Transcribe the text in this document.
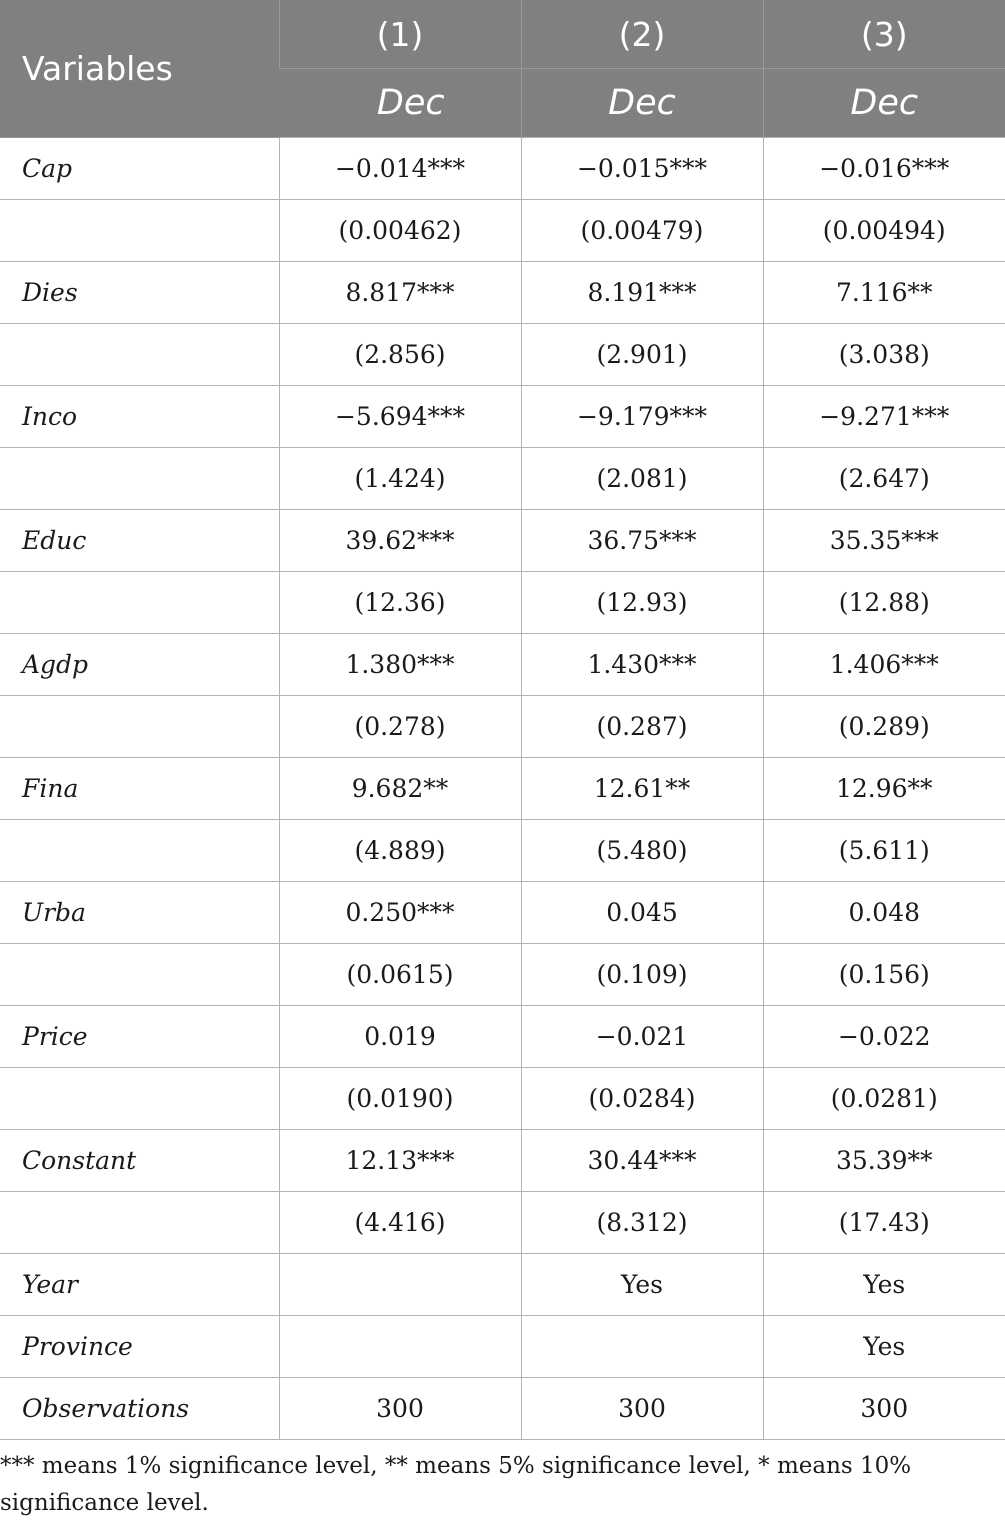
Variables	(1)	(2)	(3)
	Dec	Dec	Dec
Cap	−0.014***	−0.015***	−0.016***
	(0.00462)	(0.00479)	(0.00494)
Dies	8.817***	8.191***	7.116**
	(2.856)	(2.901)	(3.038)
Inco	−5.694***	−9.179***	−9.271***
	(1.424)	(2.081)	(2.647)
Educ	39.62***	36.75***	35.35***
	(12.36)	(12.93)	(12.88)
Agdp	1.380***	1.430***	1.406***
	(0.278)	(0.287)	(0.289)
Fina	9.682**	12.61**	12.96**
	(4.889)	(5.480)	(5.611)
Urba	0.250***	0.045	0.048
	(0.0615)	(0.109)	(0.156)
Price	0.019	−0.021	−0.022
	(0.0190)	(0.0284)	(0.0281)
Constant	12.13***	30.44***	35.39**
	(4.416)	(8.312)	(17.43)
Year		Yes	Yes
Province			Yes
Observations	300	300	300
*** means 1% significance level, ** means 5% significance level, * means 10% significance level.
